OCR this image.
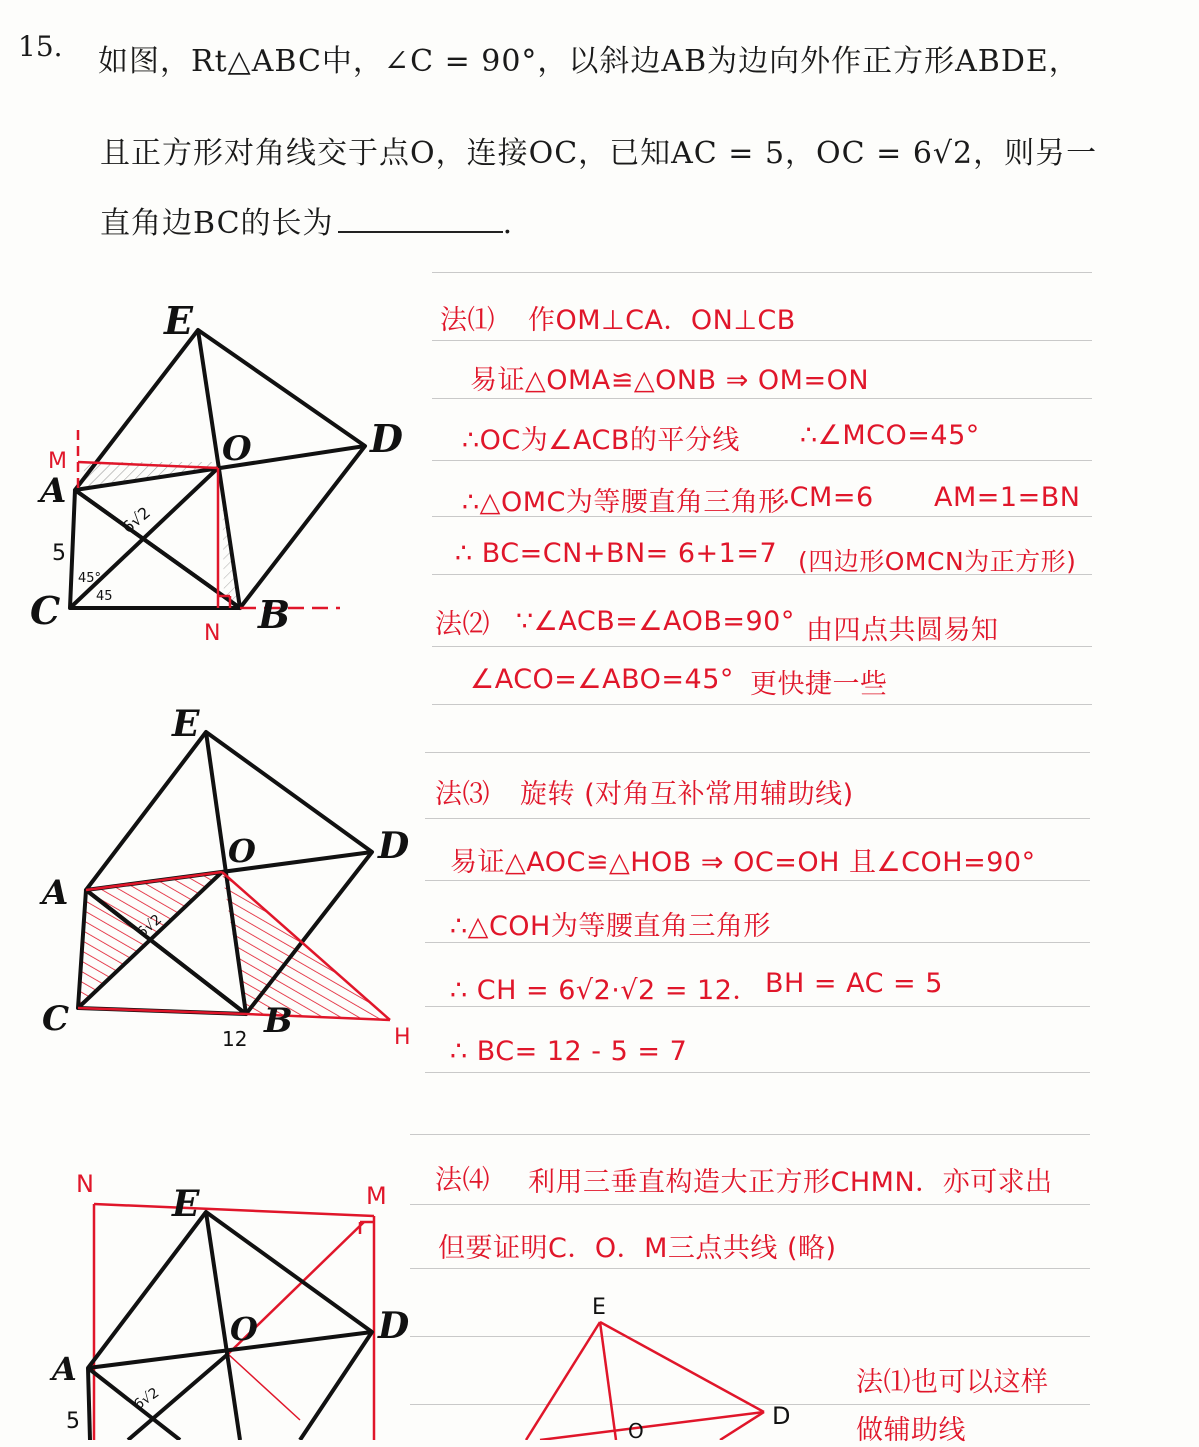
15. 如图，Rt△ABC中，∠C = 90°，以斜边AB为边向外作正方形ABDE，
且正方形对角线交于点O，连接OC，已知AC = 5，OC = 6√2，则另一
直角边BC的长为	.
法⑴ 作OM⊥CA．ON⊥CB
易证△OMA≌△ONB ⇒ OM=ON
∴OC为∠ACB的平分线 ∴∠MCO=45°
∴△OMC为等腰直角三角形
∴CM=6 AM=1=BN
∴ BC=CN+BN= 6+1=7 (四边形OMCN为正方形)
法⑵ ∵∠ACB=∠AOB=90° 由四点共圆易知
∠ACO=∠ABO=45° 更快捷一些
法⑶ 旋转 (对角互补常用辅助线)
易证△AOC≌△HOB ⇒ OC=OH 且∠COH=90°
∴△COH为等腰直角三角形
∴ CH = 6√2·√2 = 12． BH = AC = 5
∴ BC= 12 - 5 = 7
法⑷ 利用三垂直构造大正方形CHMN．亦可求出
但要证明C．O．M三点共线 (略)
法⑴也可以这样
做辅助线
E
D
O
A
C	B
M
N
5
6√2
45°
45
E
D
O
A
C	B	H
6√2
12
N	M
E
D
O
A
5
6√2
E
D
O
